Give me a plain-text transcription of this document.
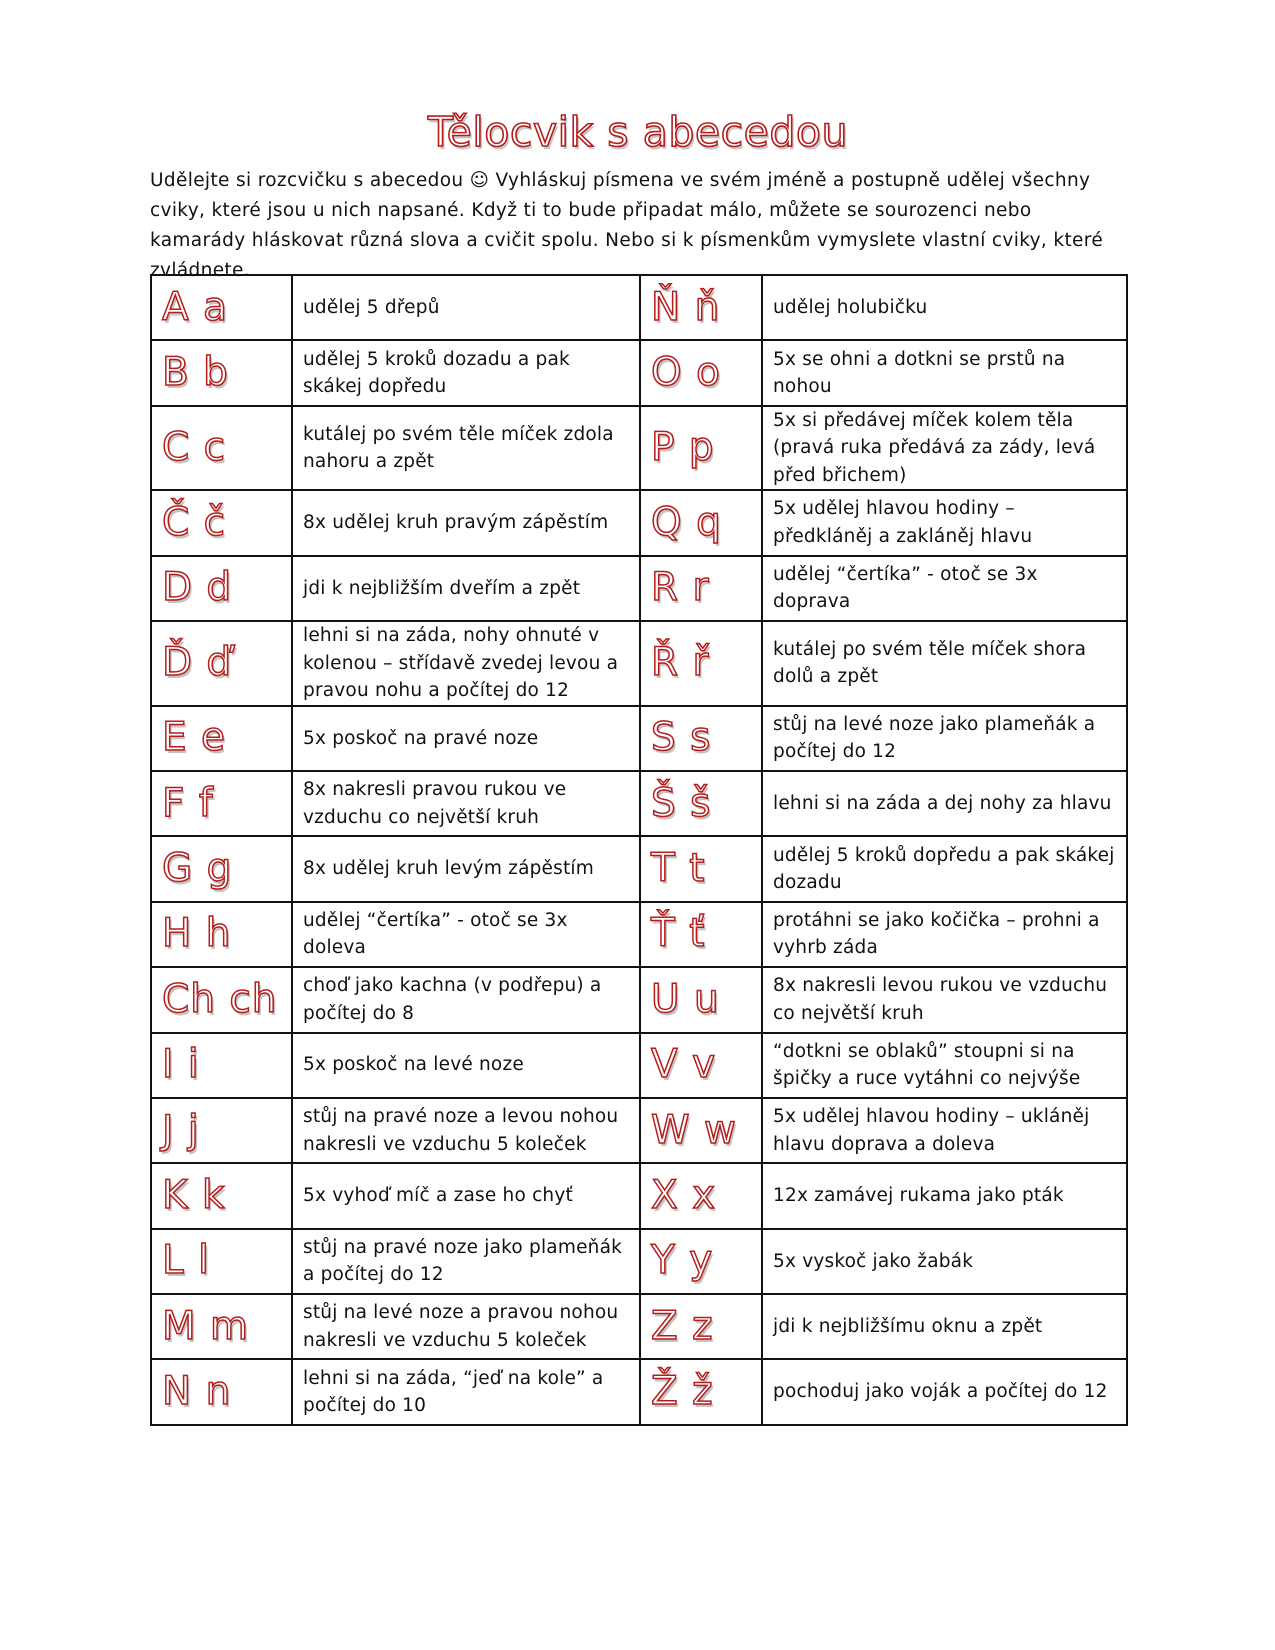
Tělocvik s abecedou

Udělejte si rozcvičku s abecedou ☺ Vyhláskuj písmena ve svém jméně a postupně udělej všechny cviky, které jsou u nich napsané. Když ti to bude připadat málo, můžete se sourozenci nebo kamarády hláskovat různá slova a cvičit spolu. Nebo si k písmenkům vymyslete vlastní cviky, které zvládnete.

A a	udělej 5 dřepů	Ň ň	udělej holubičku
B b	udělej 5 kroků dozadu a pak skákej dopředu	O o	5x se ohni a dotkni se prstů na nohou
C c	kutálej po svém těle míček zdola nahoru a zpět	P p	5x si předávej míček kolem těla (pravá ruka předává za zády, levá před břichem)
Č č	8x udělej kruh pravým zápěstím	Q q	5x udělej hlavou hodiny – předkláněj a zakláněj hlavu
D d	jdi k nejbližším dveřím a zpět	R r	udělej “čertíka” - otoč se 3x doprava
Ď ď	lehni si na záda, nohy ohnuté v kolenou – střídavě zvedej levou a pravou nohu a počítej do 12	Ř ř	kutálej po svém těle míček shora dolů a zpět
E e	5x poskoč na pravé noze	S s	stůj na levé noze jako plameňák a počítej do 12
F f	8x nakresli pravou rukou ve vzduchu co největší kruh	Š š	lehni si na záda a dej nohy za hlavu
G g	8x udělej kruh levým zápěstím	T t	udělej 5 kroků dopředu a pak skákej dozadu
H h	udělej “čertíka” - otoč se 3x doleva	Ť ť	protáhni se jako kočička – prohni a vyhrb záda
Ch ch	choď jako kachna (v podřepu) a počítej do 8	U u	8x nakresli levou rukou ve vzduchu co největší kruh
I i	5x poskoč na levé noze	V v	“dotkni se oblaků” stoupni si na špičky a ruce vytáhni co nejvýše
J j	stůj na pravé noze a levou nohou nakresli ve vzduchu 5 koleček	W w	5x udělej hlavou hodiny – ukláněj hlavu doprava a doleva
K k	5x vyhoď míč a zase ho chyť	X x	12x zamávej rukama jako pták
L l	stůj na pravé noze jako plameňák a počítej do 12	Y y	5x vyskoč jako žabák
M m	stůj na levé noze a pravou nohou nakresli ve vzduchu 5 koleček	Z z	jdi k nejbližšímu oknu a zpět
N n	lehni si na záda, “jeď na kole” a počítej do 10	Ž ž	pochoduj jako voják a počítej do 12
